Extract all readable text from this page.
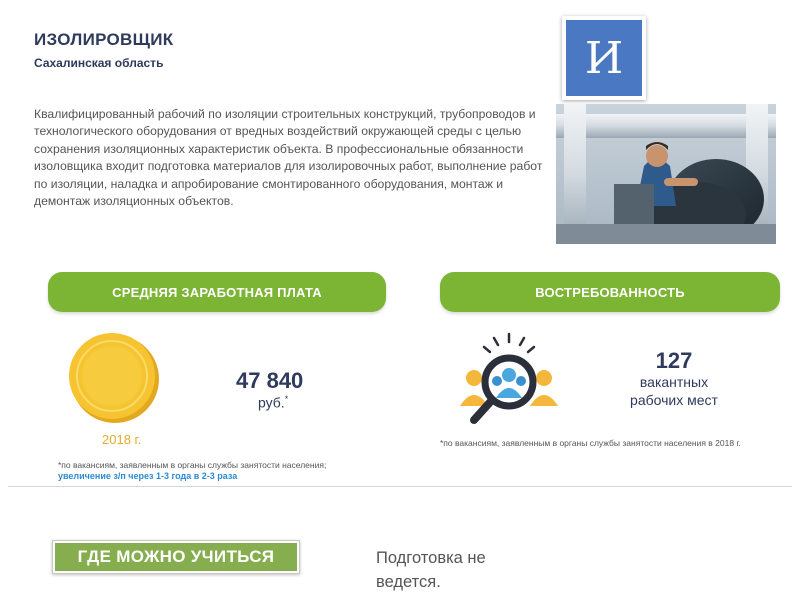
ИЗОЛИРОВЩИК
Сахалинская область	И
Квалифицированный рабочий по изоляции строительных конструкций, трубопроводов и технологического оборудования от вредных воздействий окружающей среды с целью сохранения изоляционных характеристик объекта. В профессиональные обязанности изоловщика входит подготовка материалов для изолировочных работ, выполнение работ по изоляции, наладка и апробирование смонтированного оборудования, монтаж и демонтаж изоляционных объектов.
СРЕДНЯЯ ЗАРАБОТНАЯ ПЛАТА	ВОСТРЕБОВАННОСТЬ
2018 г.
47 840
руб.*
*по вакансиям, заявленным в органы службы занятости населения;
увеличение з/п через 1-3 года в 2-3 раза
127
вакантных
рабочих мест
*по вакансиям, заявленным в органы службы занятости населения в 2018 г.
ГДЕ МОЖНО УЧИТЬСЯ	Подготовка не ведется.
